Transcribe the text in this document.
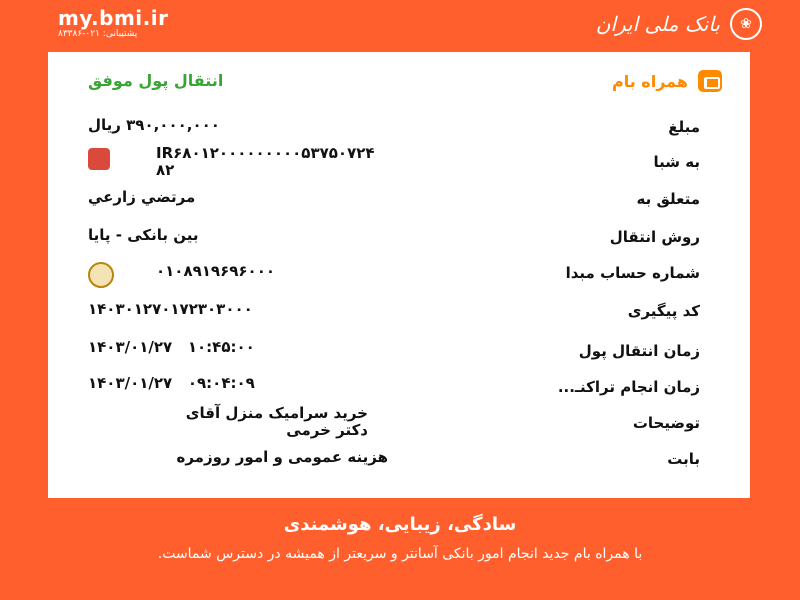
my.bmi.ir
پشتیبانی: ۰۲۱-۸۳۳۸۶
❀
بانک ملی ایران
همراه بام
انتقال پول موفق
مبلغ
۳۹۰,۰۰۰,۰۰۰ ریال
به شبا
IR۶۸۰۱۲۰۰۰۰۰۰۰۰۰۵۳۷۵۰۷۲۴
۸۲
متعلق به
مرتضي زارعي
روش انتقال
بین بانکی - پایا
شماره حساب مبدا
۰۱۰۸۹۱۹۶۹۶۰۰۰
کد پیگیری
۱۴۰۳۰۱۲۷۰۱۷۲۳۰۳۰۰۰
زمان انتقال پول
۱۴۰۳/۰۱/۲۷   ۱۰:۴۵:۰۰
زمان انجام تراکنـ...
۱۴۰۳/۰۱/۲۷   ۰۹:۰۴:۰۹
توضیحات
خرید سرامیک منزل آقای
دکتر خرمی
بابت
هزینه عمومی و امور روزمره
سادگی، زیبایی، هوشمندی
با همراه بام جدید انجام امور بانکی آسانتر و سریعتر از همیشه در دسترس شماست.
